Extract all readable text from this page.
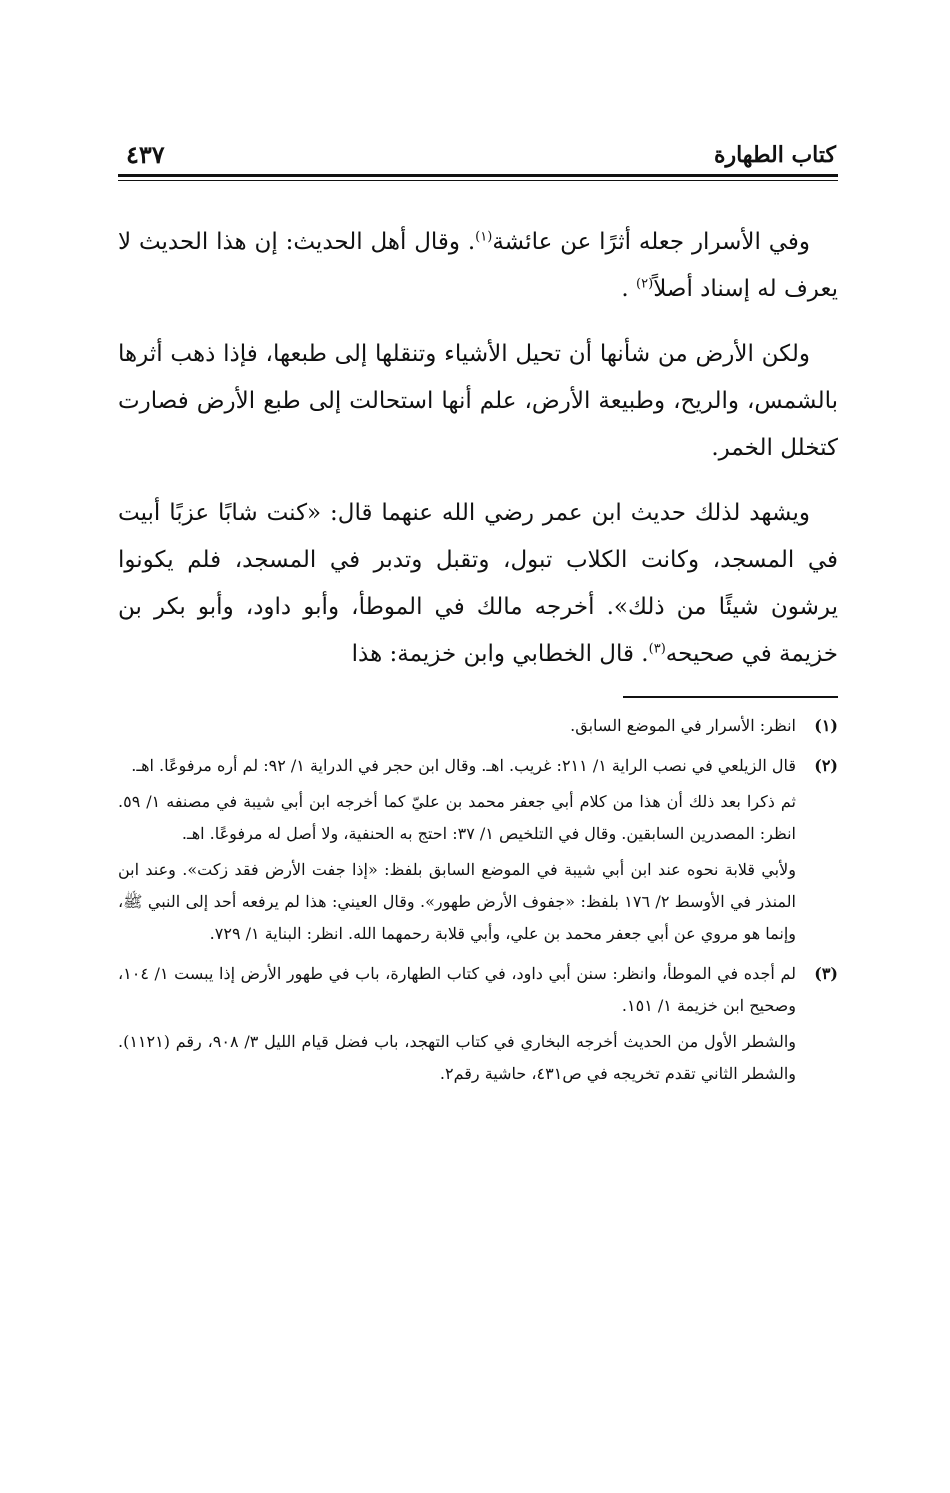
كتاب الطهارة
٤٣٧

وفي الأسرار جعله أثرًا عن عائشة$^{(١)}$. وقال أهل الحديث: إن هذا الحديث لا يعرف له إسناد أصلاً$^{(٢)}$ .

ولكن الأرض من شأنها أن تحيل الأشياء وتنقلها إلى طبعها، فإذا ذهب أثرها بالشمس، والريح، وطبيعة الأرض، علم أنها استحالت إلى طبع الأرض فصارت كتخلل الخمر.

ويشهد لذلك حديث ابن عمر رضي الله عنهما قال: «كنت شابًا عزبًا أبيت في المسجد، وكانت الكلاب تبول، وتقبل وتدبر في المسجد، فلم يكونوا يرشون شيئًا من ذلك». أخرجه مالك في الموطأ، وأبو داود، وأبو بكر بن خزيمة في صحيحه$^{(٣)}$. قال الخطابي وابن خزيمة: هذا

(١)

انظر: الأسرار في الموضع السابق.

(٢)

قال الزيلعي في نصب الراية ١/ ٢١١: غريب. اهـ. وقال ابن حجر في الدراية ١/ ٩٢: لم أره مرفوعًا. اهـ.

ثم ذكرا بعد ذلك أن هذا من كلام أبي جعفر محمد بن عليّ كما أخرجه ابن أبي شيبة في مصنفه ١/ ٥٩. انظر: المصدرين السابقين. وقال في التلخيص ١/ ٣٧: احتج به الحنفية، ولا أصل له مرفوعًا. اهـ.

ولأبي قلابة نحوه عند ابن أبي شيبة في الموضع السابق بلفظ: «إذا جفت الأرض فقد زكت». وعند ابن المنذر في الأوسط ٢/ ١٧٦ بلفظ: «جفوف الأرض طهور». وقال العيني: هذا لم يرفعه أحد إلى النبي ﷺ، وإنما هو مروي عن أبي جعفر محمد بن علي، وأبي قلابة رحمهما الله. انظر: البناية ١/ ٧٢٩.

(٣)

لم أجده في الموطأ، وانظر: سنن أبي داود، في كتاب الطهارة، باب في طهور الأرض إذا يبست ١/ ١٠٤، وصحيح ابن خزيمة ١/ ١٥١.

والشطر الأول من الحديث أخرجه البخاري في كتاب التهجد، باب فضل قيام الليل ٣/ ٩٠٨، رقم (١١٢١). والشطر الثاني تقدم تخريجه في ص٤٣١، حاشية رقم٢.
